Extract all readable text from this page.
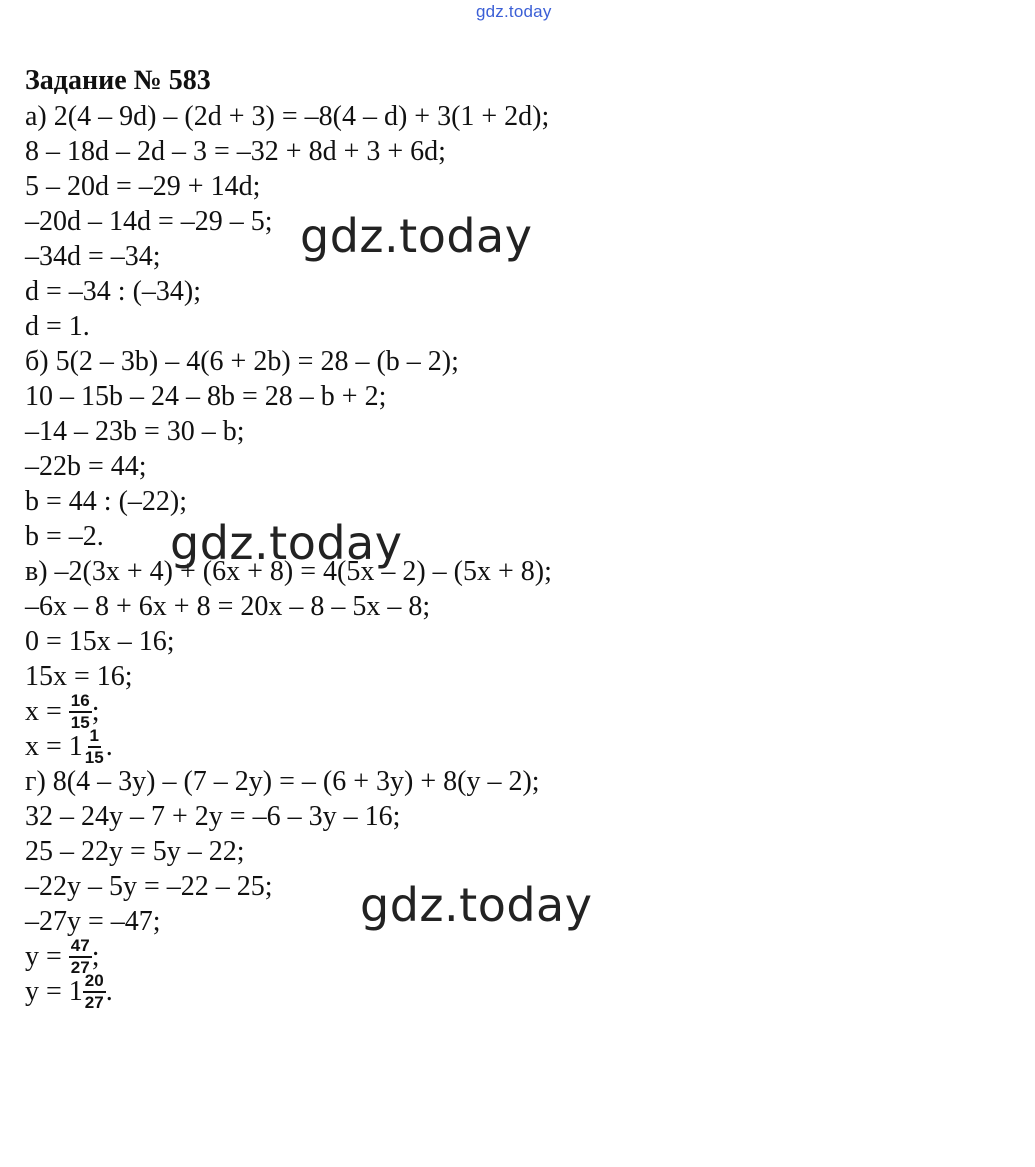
gdz.today
Задание № 583
а) 2(4 – 9d) – (2d + 3) = –8(4 – d) + 3(1 + 2d);
8 – 18d – 2d – 3 = –32 + 8d + 3 + 6d;
5 – 20d = –29 + 14d;
–20d – 14d = –29 – 5;
–34d = –34;
d = –34 : (–34);
d = 1.
б) 5(2 – 3b) – 4(6 + 2b) = 28 – (b – 2);
10 – 15b – 24 – 8b = 28 – b + 2;
–14 – 23b = 30 – b;
–22b = 44;
b = 44 : (–22);
b = –2.
в) –2(3x + 4) + (6x + 8) = 4(5x – 2) – (5x + 8);
–6x – 8 + 6x + 8 = 20x – 8 – 5x – 8;
0 = 15x – 16;
15x = 16;
$x = \frac{16}{15}$ ;
$x = 1 \frac{1}{15}$ .
г) 8(4 – 3y) – (7 – 2y) = – (6 + 3y) + 8(y – 2);
32 – 24y – 7 + 2y = –6 – 3y – 16;
25 – 22y = 5y – 22;
–22y – 5y = –22 – 25;
–27y = –47;
$y = \frac{47}{27}$ ;
$y = 1 \frac{20}{27}$ .
gdz.today
gdz.today
gdz.today
